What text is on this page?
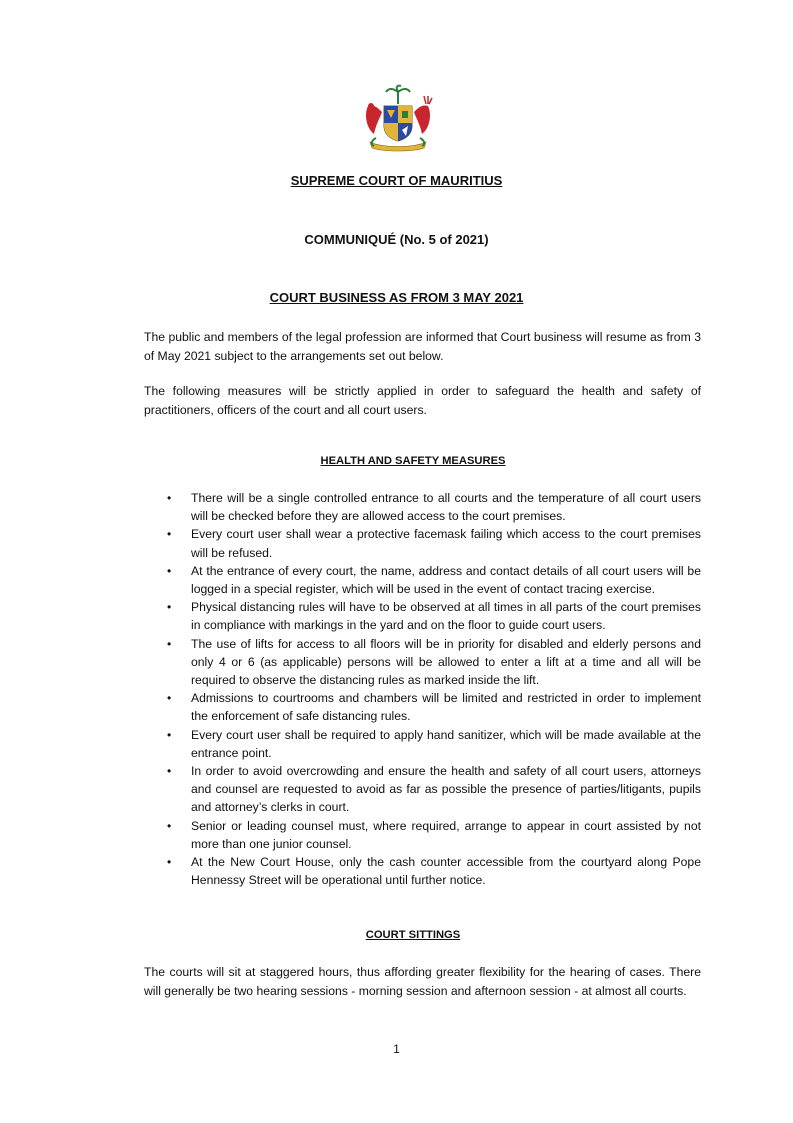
SUPREME COURT OF MAURITIUS
COMMUNIQUÉ (No. 5 of 2021)
COURT BUSINESS AS FROM 3 MAY 2021

The public and members of the legal profession are informed that Court business will resume as from 3 of May 2021 subject to the arrangements set out below.

The following measures will be strictly applied in order to safeguard the health and safety of practitioners, officers of the court and all court users.

HEALTH AND SAFETY MEASURES
• There will be a single controlled entrance to all courts and the temperature of all court users will be checked before they are allowed access to the court premises.
• Every court user shall wear a protective facemask failing which access to the court premises will be refused.
• At the entrance of every court, the name, address and contact details of all court users will be logged in a special register, which will be used in the event of contact tracing exercise.
• Physical distancing rules will have to be observed at all times in all parts of the court premises in compliance with markings in the yard and on the floor to guide court users.
• The use of lifts for access to all floors will be in priority for disabled and elderly persons and only 4 or 6 (as applicable) persons will be allowed to enter a lift at a time and all will be required to observe the distancing rules as marked inside the lift.
• Admissions to courtrooms and chambers will be limited and restricted in order to implement the enforcement of safe distancing rules.
• Every court user shall be required to apply hand sanitizer, which will be made available at the entrance point.
• In order to avoid overcrowding and ensure the health and safety of all court users, attorneys and counsel are requested to avoid as far as possible the presence of parties/litigants, pupils and attorney’s clerks in court.
• Senior or leading counsel must, where required, arrange to appear in court assisted by not more than one junior counsel.
• At the New Court House, only the cash counter accessible from the courtyard along Pope Hennessy Street will be operational until further notice.
COURT SITTINGS

The courts will sit at staggered hours, thus affording greater flexibility for the hearing of cases. There will generally be two hearing sessions - morning session and afternoon session - at almost all courts.

1
